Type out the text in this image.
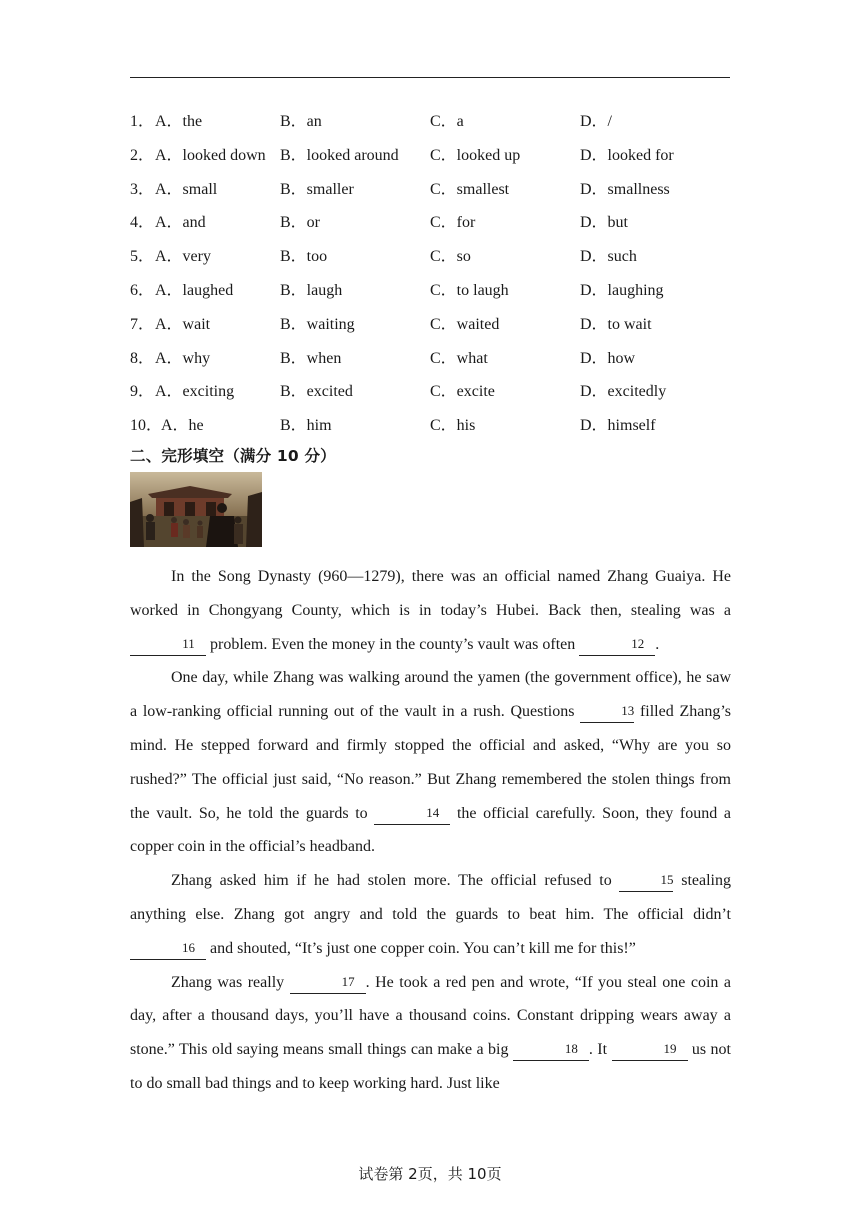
1． A．the	B．an	C．a	D．/
2． A．looked down B．looked around C．looked up	D．looked for
3． A．small	B．smaller	C．smallest	D．smallness
4． A．and	B．or	C．for	D．but
5． A．very	B．too	C．so	D．such
6． A．laughed	B．laugh	C．to laugh	D．laughing
7． A．wait	B．waiting	C．waited	D．to wait
8． A．why	B．when	C．what	D．how
9． A．exciting	B．excited	C．excite	D．excitedly
10．
A．he	B．him	C．his	D．himself
二、完形填空（满分 10 分）

In the Song Dynasty (960—1279), there was an official named Zhang Guaiya. He worked in Chongyang County, which is in today’s Hubei. Back then, stealing was a 11 problem. Even the money in the county’s vault was often	12 .

One day, while Zhang was walking around the yamen (the government office), he saw a low-ranking official running out of the vault in a rush. Questions	13 filled Zhang’s mind. He stepped forward and firmly stopped the official and asked, “Why are you so rushed?” The official just said, “No reason.” But Zhang remembered the stolen things from the vault. So, he told the guards to	14 the official carefully. Soon, they found a copper coin in the official’s headband.

Zhang asked him if he had stolen more. The official refused to	15 stealing anything else. Zhang got angry and told the guards to beat him. The official didn’t 16 and shouted, “It’s just one copper coin. You can’t kill me for this!”

Zhang was really	17 . He took a red pen and wrote, “If you steal one coin a day, after a thousand days, you’ll have a thousand coins. Constant dripping wears away a stone.” This old saying means small things can make a big	18 . It	19 us not to do small bad things and to keep working hard. Just like

试卷第 2页，共 10页
